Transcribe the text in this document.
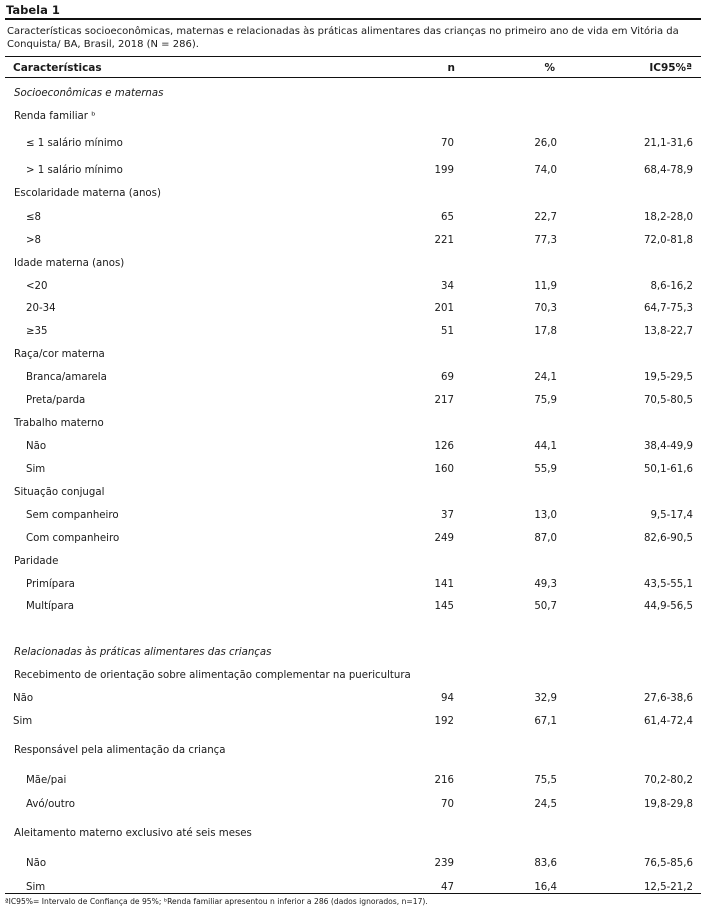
Tabela 1
Características socioeconômicas, maternas e relacionadas às práticas alimentares das crianças no primeiro ano de vida em Vitória da Conquista/ BA, Brasil, 2018 (N = 286).
Características	n	%	IC95%ª
Socioeconômicas e maternas
Renda familiar ᵇ
≤ 1 salário mínimo	70	26,0	21,1-31,6
> 1 salário mínimo	199	74,0	68,4-78,9
Escolaridade materna (anos)
≤8	65	22,7	18,2-28,0
>8	221	77,3	72,0-81,8
Idade materna (anos)
<20	34	11,9	8,6-16,2
20-34	201	70,3	64,7-75,3
≥35	51	17,8	13,8-22,7
Raça/cor materna
Branca/amarela	69	24,1	19,5-29,5
Preta/parda	217	75,9	70,5-80,5
Trabalho materno
Não	126	44,1	38,4-49,9
Sim	160	55,9	50,1-61,6
Situação conjugal
Sem companheiro	37	13,0	9,5-17,4
Com companheiro	249	87,0	82,6-90,5
Paridade
Primípara	141	49,3	43,5-55,1
Multípara	145	50,7	44,9-56,5
Relacionadas às práticas alimentares das crianças
Recebimento de orientação sobre alimentação complementar na puericultura
Não	94	32,9	27,6-38,6
Sim	192	67,1	61,4-72,4
Responsável pela alimentação da criança
Mãe/pai	216	75,5	70,2-80,2
Avó/outro	70	24,5	19,8-29,8
Aleitamento materno exclusivo até seis meses
Não	239	83,6	76,5-85,6
Sim	47	16,4	12,5-21,2
ªIC95%= Intervalo de Confiança de 95%; ᵇRenda familiar apresentou n inferior a 286 (dados ignorados, n=17).
